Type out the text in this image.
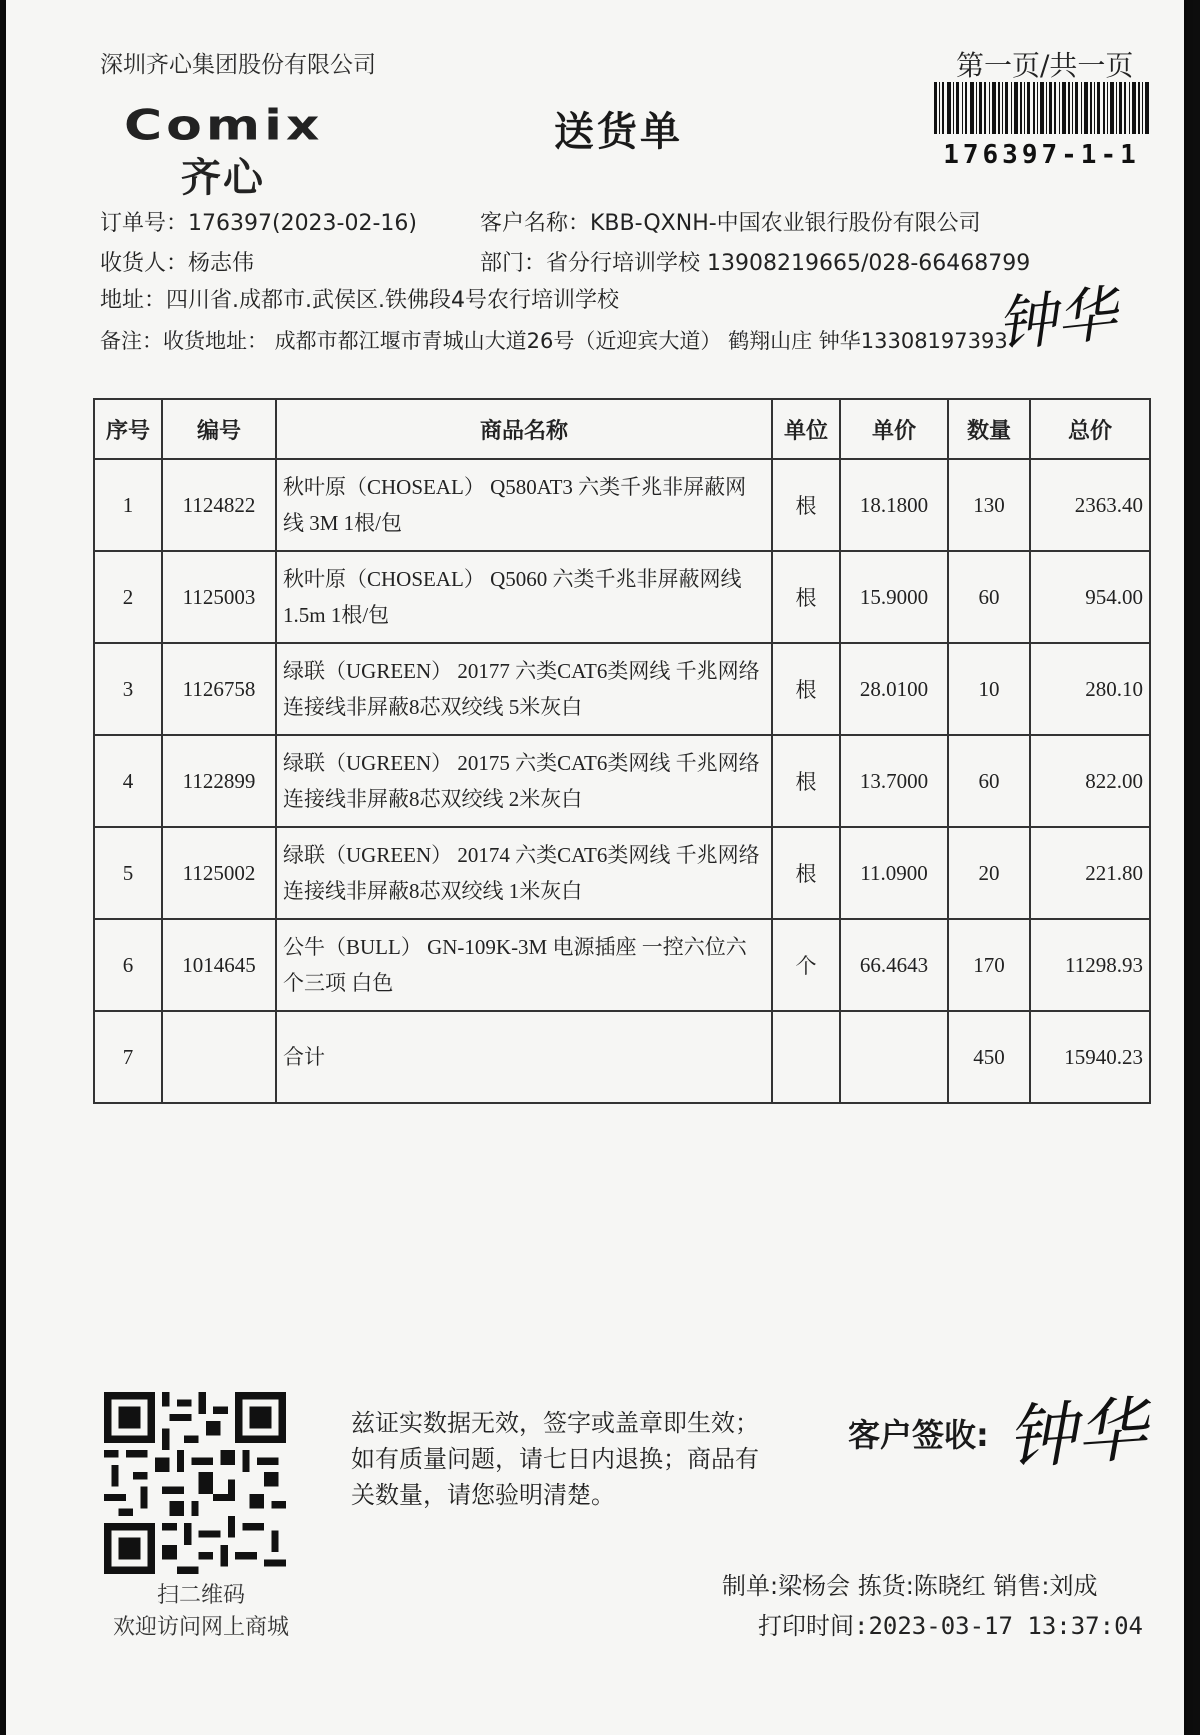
深圳齐心集团股份有限公司	第一页/共一页
176397-1-1
Comix
齐心
送货单
订单号：176397(2023-02-16)	客户名称：KBB-QXNH-中国农业银行股份有限公司
收货人：杨志伟	部门：省分行培训学校 13908219665/028-66468799
地址：四川省.成都市.武侯区.铁佛段4号农行培训学校
备注：收货地址： 成都市都江堰市青城山大道26号（近迎宾大道） 鹤翔山庄 钟华13308197393
钟华
序号	编号	商品名称	单位	单价	数量	总价
1	1124822	秋叶原（CHOSEAL） Q580AT3 六类千兆非屏蔽网线 3M 1根/包	根	18.1800	130	2363.40
2	1125003	秋叶原（CHOSEAL） Q5060 六类千兆非屏蔽网线 1.5m 1根/包	根	15.9000	60	954.00
3	1126758	绿联（UGREEN） 20177 六类CAT6类网线 千兆网络连接线非屏蔽8芯双绞线 5米灰白	根	28.0100	10	280.10
4	1122899	绿联（UGREEN） 20175 六类CAT6类网线 千兆网络连接线非屏蔽8芯双绞线 2米灰白	根	13.7000	60	822.00
5	1125002	绿联（UGREEN） 20174 六类CAT6类网线 千兆网络连接线非屏蔽8芯双绞线 1米灰白	根	11.0900	20	221.80
6	1014645	公牛（BULL） GN-109K-3M 电源插座 一控六位六个三项 白色	个	66.4643	170	11298.93
7		合计			450	15940.23
扫二维码
欢迎访问网上商城
兹证实数据无效，签字或盖章即生效；如有质量问题，请七日内退换；商品有关数量，请您验明清楚。
客户签收: 钟华
制单:梁杨会 拣货:陈晓红 销售:刘成
打印时间:2023-03-17 13:37:04
